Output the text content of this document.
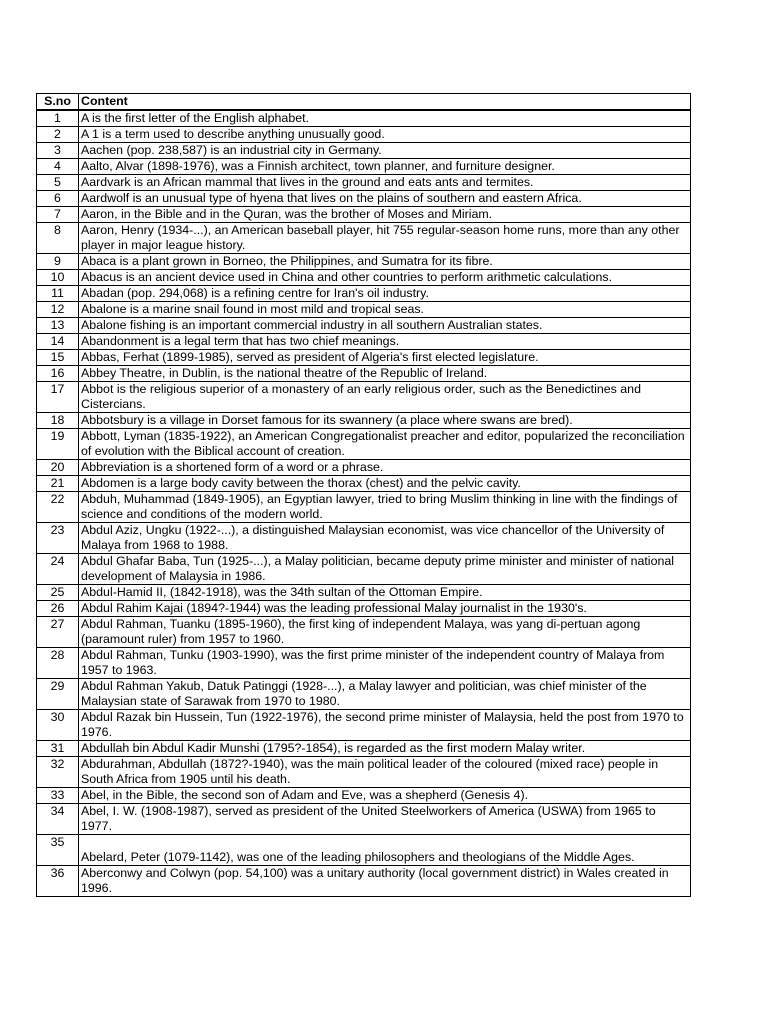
S.no	Content
1	A is the first letter of the English alphabet.
2	A 1 is a term used to describe anything unusually good.
3	Aachen (pop. 238,587) is an industrial city in Germany.
4	Aalto, Alvar (1898-1976), was a Finnish architect, town planner, and furniture designer.
5	Aardvark is an African mammal that lives in the ground and eats ants and termites.
6	Aardwolf is an unusual type of hyena that lives on the plains of southern and eastern Africa.
7	Aaron, in the Bible and in the Quran, was the brother of Moses and Miriam.
8	Aaron, Henry (1934-...), an American baseball player, hit 755 regular-season home runs, more than any other player in major league history.
9	Abaca is a plant grown in Borneo, the Philippines, and Sumatra for its fibre.
10	Abacus is an ancient device used in China and other countries to perform arithmetic calculations.
11	Abadan (pop. 294,068) is a refining centre for Iran's oil industry.
12	Abalone is a marine snail found in most mild and tropical seas.
13	Abalone fishing is an important commercial industry in all southern Australian states.
14	Abandonment is a legal term that has two chief meanings.
15	Abbas, Ferhat (1899-1985), served as president of Algeria's first elected legislature.
16	Abbey Theatre, in Dublin, is the national theatre of the Republic of Ireland.
17	Abbot is the religious superior of a monastery of an early religious order, such as the Benedictines and Cistercians.
18	Abbotsbury is a village in Dorset famous for its swannery (a place where swans are bred).
19	Abbott, Lyman (1835-1922), an American Congregationalist preacher and editor, popularized the reconciliation of evolution with the Biblical account of creation.
20	Abbreviation is a shortened form of a word or a phrase.
21	Abdomen is a large body cavity between the thorax (chest) and the pelvic cavity.
22	Abduh, Muhammad (1849-1905), an Egyptian lawyer, tried to bring Muslim thinking in line with the findings of science and conditions of the modern world.
23	Abdul Aziz, Ungku (1922-...), a distinguished Malaysian economist, was vice chancellor of the University of Malaya from 1968 to 1988.
24	Abdul Ghafar Baba, Tun (1925-...), a Malay politician, became deputy prime minister and minister of national development of Malaysia in 1986.
25	Abdul-Hamid II, (1842-1918), was the 34th sultan of the Ottoman Empire.
26	Abdul Rahim Kajai (1894?-1944) was the leading professional Malay journalist in the 1930's.
27	Abdul Rahman, Tuanku (1895-1960), the first king of independent Malaya, was yang di-pertuan agong (paramount ruler) from 1957 to 1960.
28	Abdul Rahman, Tunku (1903-1990), was the first prime minister of the independent country of Malaya from 1957 to 1963.
29	Abdul Rahman Yakub, Datuk Patinggi (1928-...), a Malay lawyer and politician, was chief minister of the Malaysian state of Sarawak from 1970 to 1980.
30	Abdul Razak bin Hussein, Tun (1922-1976), the second prime minister of Malaysia, held the post from 1970 to 1976.
31	Abdullah bin Abdul Kadir Munshi (1795?-1854), is regarded as the first modern Malay writer.
32	Abdurahman, Abdullah (1872?-1940), was the main political leader of the coloured (mixed race) people in South Africa from 1905 until his death.
33	Abel, in the Bible, the second son of Adam and Eve, was a shepherd (Genesis 4).
34	Abel, I. W. (1908-1987), served as president of the United Steelworkers of America (USWA) from 1965 to 1977.
35	Abelard, Peter (1079-1142), was one of the leading philosophers and theologians of the Middle Ages.
36	Aberconwy and Colwyn (pop. 54,100) was a unitary authority (local government district) in Wales created in 1996.
